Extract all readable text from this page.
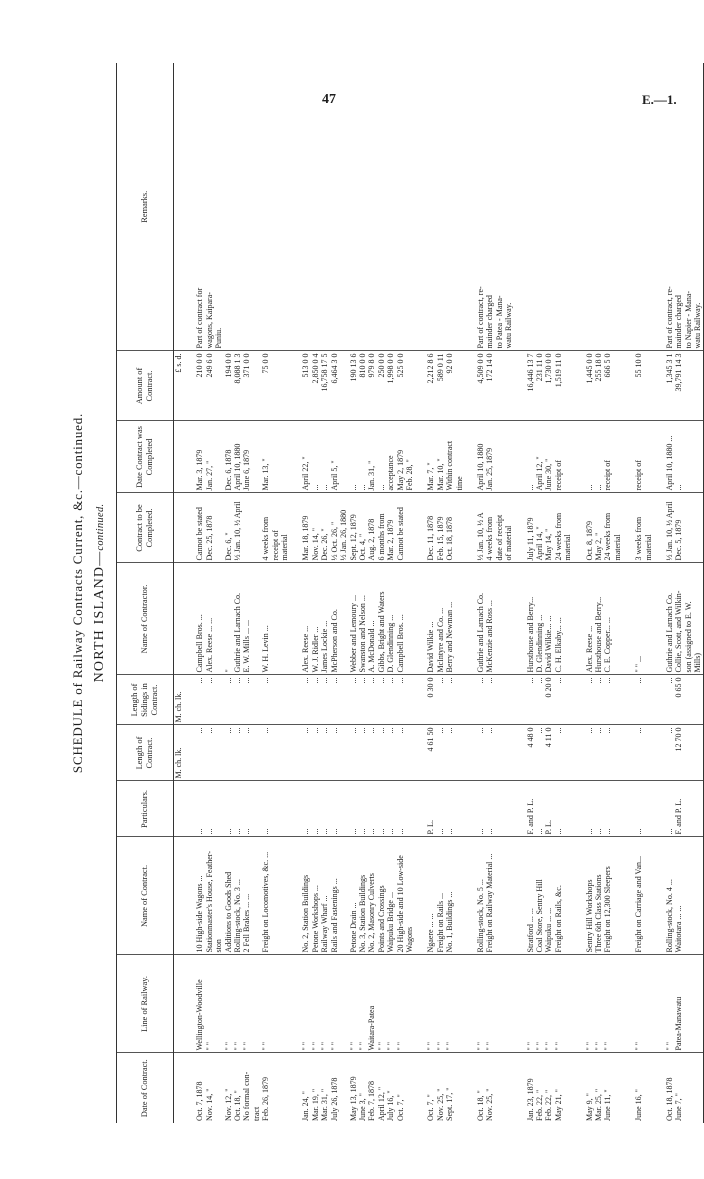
47	E.—1.
SCHEDULE of Railway Contracts Current, &c.—continued. NORTH ISLAND—continued.
Date of Contract.	Line of Railway.	Name of Contract.	Particulars.	Length of Contract.	Length of Sidings in Contract.	Name of Contractor.	Contract to be Completed.	Date Contract was Completed	Amount of Contract.	Remarks.
				M. ch. lk.	M. ch. lk.				£ s. d.	

Oct. 7, 1878	Wellington-Woodville	10 High-side Wagons ...	...	...	...	Campbell Bros. ...	Cannot be stated	Mar. 3, 1879	210 0 0	Part of contract for
Nov. 14, "	" "	Stationmaster's House, Feather-	...	...	...	Alex. Reese ... ...	Dec. 25, 1878	Jan. 27, "	249 6 0	wagons, Kaipara-
		ston								Puniu.
Nov. 12, "	" "	Additions to Goods Shed	...	...	...	"	Dec. 6, "	Dec. 6, 1878	194 0 0	
Oct. 18, "	" "	Rolling-stock, No. 3 ...	...	...	...	Guthrie and Larnach Co.	½ Jan. 10, ½ April	April 10, 1880	8,088 1 3	
No formal con-	" "	2 Fell Brakes ... ...	...	...	...	E. W. Mills ... ...		June 6, 1879	371 0 0	
tract										
Feb. 26, 1879	" "	Freight on Locomotives, &c. ...	...	...	...	W. H. Levin ...	4 weeks from	Mar. 13, "	75 0 0	
							receipt of			
							material			

Jan. 24, "	" "	No. 2, Station Buildings	...	...	...	Alex. Reese ...	Mar. 18, 1879	April 22, "	513 0 0	
Mar. 19, "	" "	Petone Workshops ...	...	...	...	W. J. Ridler ...	Nov. 14, "	...	2,850 0 4	
Mar. 31, "	" "	Railway Wharf ...	...	...	...	James Lockie ...	Dec. 26, "	...	16,758 17 5	
July 26, 1878	" "	Rails and Fastenings ...	...	...	...	McPherson and Co.	½ Oct. 26, "	April 5, "	6,464 3 0	
							½ Jan. 26, 1880			
May 13, 1879	" "	Petone Drain ...	...	...	...	Webber and Lemoury ...	Sept. 12, 1879	...	190 13 6	
June 3, "	" "	No. 3, Station Buildings	...	...	...	Swanston and Nelson ...	Oct. 4, "	...	810 0 0	
Feb. 7, 1878	Waitara-Patea	No. 2, Masonry Culverts	...	...	...	A. McDonald ...	Aug. 2, 1878	Jan. 31, "	979 8 0	
April 12, "	" "	Points and Crossings	...	...	...	Gibbs, Bright and Waters	6 months from	...	250 0 0	
July 16, "	" "	Waipuku Bridge ...	...	...	...	D. Glendinning ...	Mar. 2, 1879	acceptance	1,998 0 0	
Oct. 7, "	" "	20 High-side and 10 Low-side	...	...	...	Campbell Bros. ...	Cannot be stated	May 2, 1879	525 0 0	
		Wagons						Feb. 28, "		

Oct. 7, "	" "	Ngaere ... ...	P. L.	4 61 50	0 30 0	David Wilkie ...	Dec. 11, 1878	Mar. 7, "	2,212 8 6	
Nov. 25, "	" "	Freight on Rails ...	...	...	...	McIntyre and Co. ...	Feb. 15, 1879	Mar. 10, "	589 0 11	
Sept. 17, "	" "	No. 1, Buildings ...	...	...	...	Berry and Newman ...	Oct. 18, 1878	Within contract	92 0 0	
								time		

Oct. 18, "	" "	Rolling-stock, No. 5 ...	...	...	...	Guthrie and Larnach Co.	½ Jan. 10, ½ A	April 10, 1880	4,509 0 0	Part of contract, re-
Nov. 25, "	" "	Freight on Railway Material ...	...	...	...	McKenzie and Ross ...	4 weeks from	Jan. 25, 1879	172 14 0	mainder charged
							date of receipt			to Patea - Mana-
							of material			watu Railway.

Jan. 23, 1879	" "	Stratford ... ...	F. and P. L.	4 48 0	...	Hursthouse and Berry...	July 11, 1879	...	16,446 13 7	
Feb. 22, "	" "	Coal Store, Sentry Hill	...	...	...	D. Glendinning ...	April 14, "	April 12, "	231 11 0	
Feb. 22, "	" "	Waipuku ... ...	P. L.	4 11 0	0 20 0	David Wilkie... ...	May 14, "	June 30, "	1,730 0 0	
May 21, "	" "	Freight on Rails, &c.	...	...	...	C. H. Elkaby... ...	24 weeks from	receipt of	1,519 11 0	
							material			

May 9, "	" "	Sentry Hill Workshops	...	...	...	Alex. Reese ...	Oct. 8, 1879	...	1,445 0 0	
Mar. 25, "	" "	Three 6th Class Stations	...	...	...	Hursthouse and Berry...	May 2, "	...	255 18 0	
June 11, "	" "	Freight on 12,300 Sleepers	...	...	...	C. E. Copper... ...	24 weeks from	receipt of	666 5 0	
							material			

June 16, "	" "	Freight on Carriage and Van...	...	...	...	" " ...	3 weeks from	receipt of	55 10 0	
							material			

Oct. 18, 1878	" "	Rolling-stock, No. 4 ...	...	...	...	Guthrie and Larnach Co.	½ Jan. 10, ½ April	April 10, 1880 ...	1,345 3 1	Part of contract, re-
June 7, "	Patea-Manawatu	Waitotara ... ...	F. and P. L.	12 70 0	0 65 0	Collie, Scott, and Wilkin-	Dec. 5, 1879	...	39,791 14 3	mainder charged
						son (assigned to E. W.				to Napier - Mana-
						Mills)				watu Railway.
